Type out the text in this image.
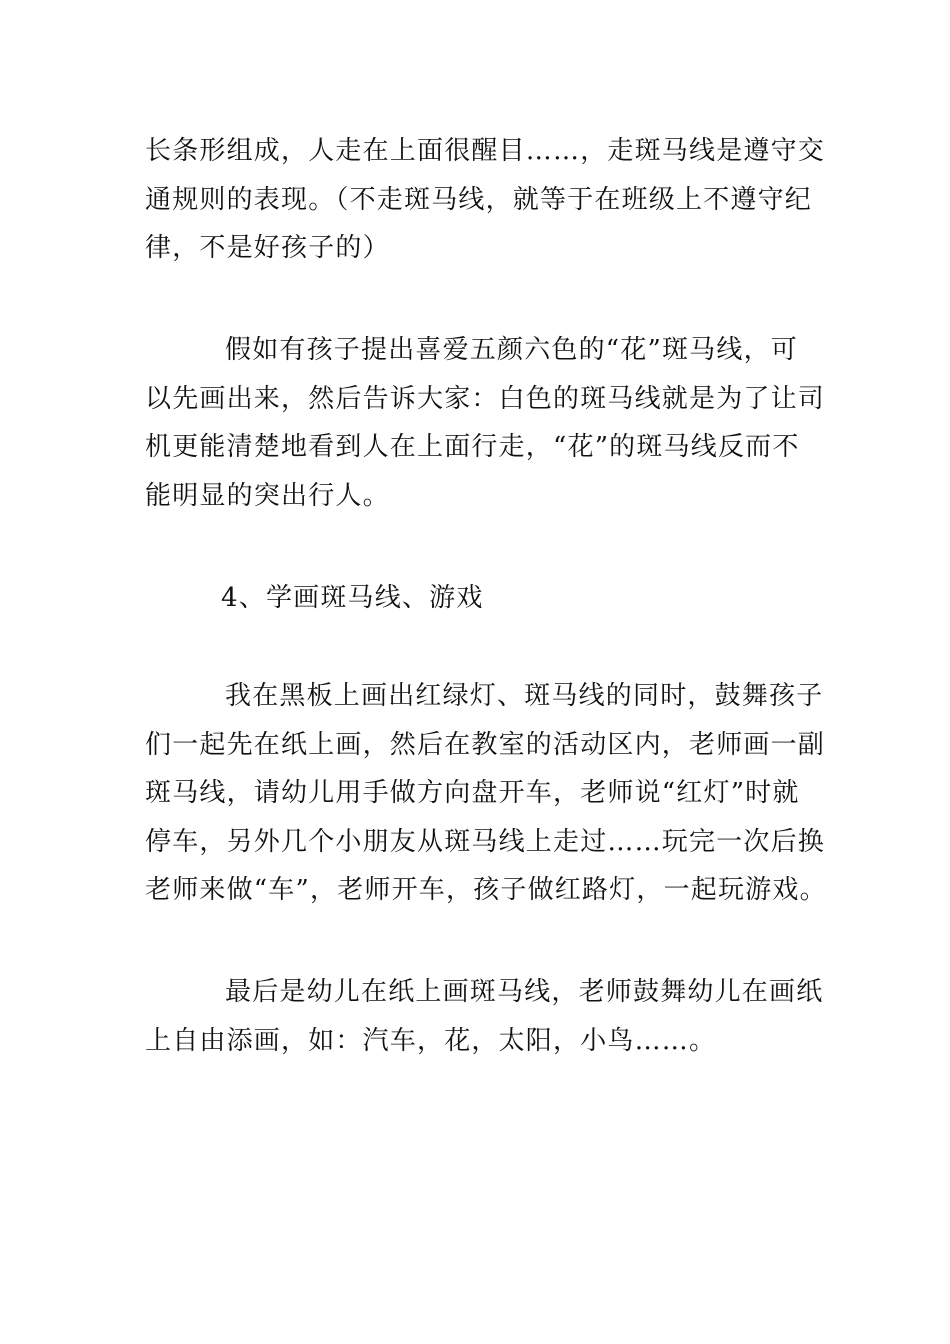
长条形组成，人走在上面很醒目……，走斑马线是遵守交
通规则的表现。（不走斑马线，就等于在班级上不遵守纪
律，不是好孩子的）
假如有孩子提出喜爱五颜六色的“花”斑马线，可
以先画出来，然后告诉大家：白色的斑马线就是为了让司
机更能清楚地看到人在上面行走，“花”的斑马线反而不
能明显的突出行人。
4、学画斑马线、游戏
我在黑板上画出红绿灯、斑马线的同时，鼓舞孩子
们一起先在纸上画，然后在教室的活动区内，老师画一副
斑马线，请幼儿用手做方向盘开车，老师说“红灯”时就
停车，另外几个小朋友从斑马线上走过……玩完一次后换
老师来做“车”，老师开车，孩子做红路灯，一起玩游戏。
最后是幼儿在纸上画斑马线，老师鼓舞幼儿在画纸
上自由添画，如：汽车，花，太阳，小鸟……。
